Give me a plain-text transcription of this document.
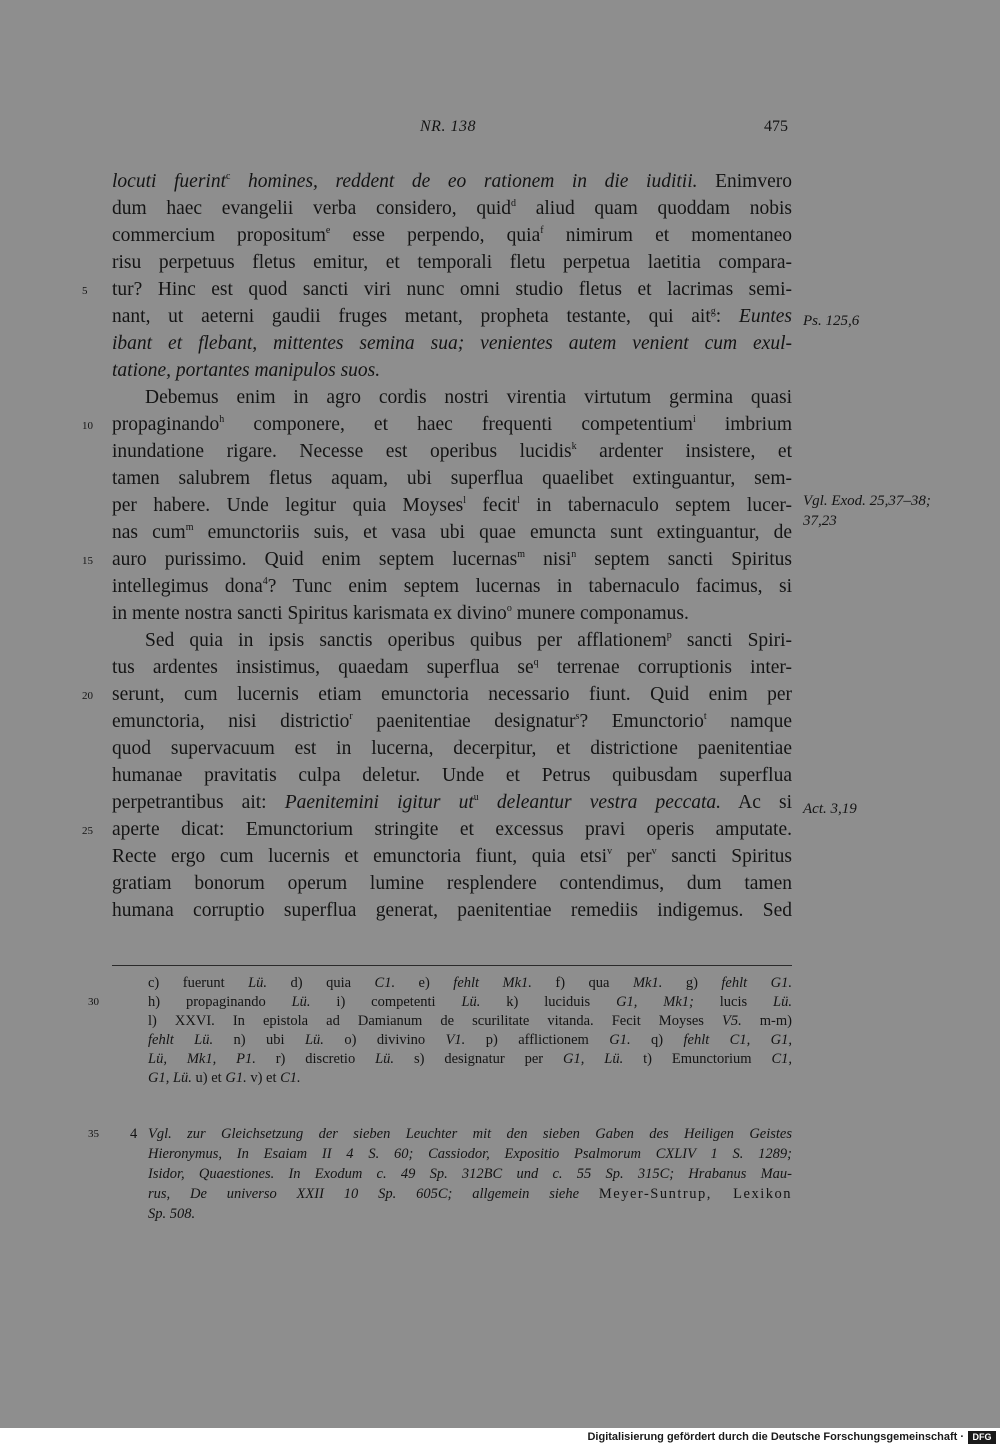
NR. 138	475
locuti fuerint$^c$ homines, reddent de eo rationem in die iuditii. Enimvero
dum haec evangelii verba considero, quid$^d$ aliud quam quoddam nobis
commercium propositum$^e$ esse perpendo, quia$^f$ nimirum et momentaneo
risu perpetuus fletus emitur, et temporali fletu perpetua laetitia compara-
5	tur? Hinc est quod sancti viri nunc omni studio fletus et lacrimas semi-
nant, ut aeterni gaudii fruges metant, propheta testante, qui ait$^g$: Euntes
ibant et flebant, mittentes semina sua; venientes autem venient cum exul-
tatione, portantes manipulos suos.
Debemus enim in agro cordis nostri virentia virtutum germina quasi
10 propaginando$^h$ componere, et haec frequenti competentium$^i$ imbrium
inundatione rigare. Necesse est operibus lucidis$^k$ ardenter insistere, et
tamen salubrem fletus aquam, ubi superflua quaelibet extinguantur, sem-
per habere. Unde legitur quia Moyses$^l$ fecit$^l$ in tabernaculo septem lucer-
nas cum$^m$ emunctoriis suis, et vasa ubi quae emuncta sunt extinguantur, de
15 auro purissimo. Quid enim septem lucernas$^m$ nisi$^n$ septem sancti Spiritus
intellegimus dona$^4$? Tunc enim septem lucernas in tabernaculo facimus, si
in mente nostra sancti Spiritus karismata ex divino$^o$ munere componamus.
Sed quia in ipsis sanctis operibus quibus per afflationem$^p$ sancti Spiri-
tus ardentes insistimus, quaedam superflua $se^q$ terrenae corruptionis inter-
20 serunt, cum lucernis etiam emunctoria necessario fiunt. Quid enim per
emunctoria, nisi districtio$^r$ paenitentiae designatur$^s$? Emunctorio$^t$ namque
quod supervacuum est in lucerna, decerpitur, et districtione paenitentiae
humanae pravitatis culpa deletur. Unde et Petrus quibusdam superflua
perpetrantibus ait: Paenitemini igitur $ut^u$ deleantur vestra peccata. Ac si
25 aperte dicat: Emunctorium stringite et excessus pravi operis amputate.
Recte ergo cum lucernis et emunctoria fiunt, quia etsi$^v$ per$^v$ sancti Spiritus
gratiam bonorum operum lumine resplendere contendimus, dum tamen
humana corruptio superflua generat, paenitentiae remediis indigemus. Sed
Ps. 125,6
Vgl. Exod. 25,37–38;
37,23
Act. 3,19
c) fuerunt Lü. d) quia C1. e) fehlt Mk1. f) qua Mk1. g) fehlt G1.
30	h) propaginando Lü. i) competenti Lü. k) luciduis G1, Mk1; lucis Lü.
l) XXVI. In epistola ad Damianum de scurilitate vitanda. Fecit Moyses V5. m-m)
fehlt Lü. n) ubi Lü. o) divivino V1. p) afflictionem G1. q) fehlt C1, G1,
Lü, Mk1, P1. r) discretio Lü. s) designatur per G1, Lü. t) Emunctorium C1,
G1, Lü. u) et G1. v) et C1.
35 4 Vgl. zur Gleichsetzung der sieben Leuchter mit den sieben Gaben des Heiligen Geistes
Hieronymus, In Esaiam II 4 S. 60; Cassiodor, Expositio Psalmorum CXLIV 1 S. 1289;
Isidor, Quaestiones. In Exodum c. 49 Sp. 312BC und c. 55 Sp. 315C; Hrabanus Mau-
rus, De universo XXII 10 Sp. 605C; allgemein siehe Meyer-Suntrup, Lexikon
Sp. 508.
Digitalisierung gefördert durch die Deutsche Forschungsgemeinschaft · DFG
